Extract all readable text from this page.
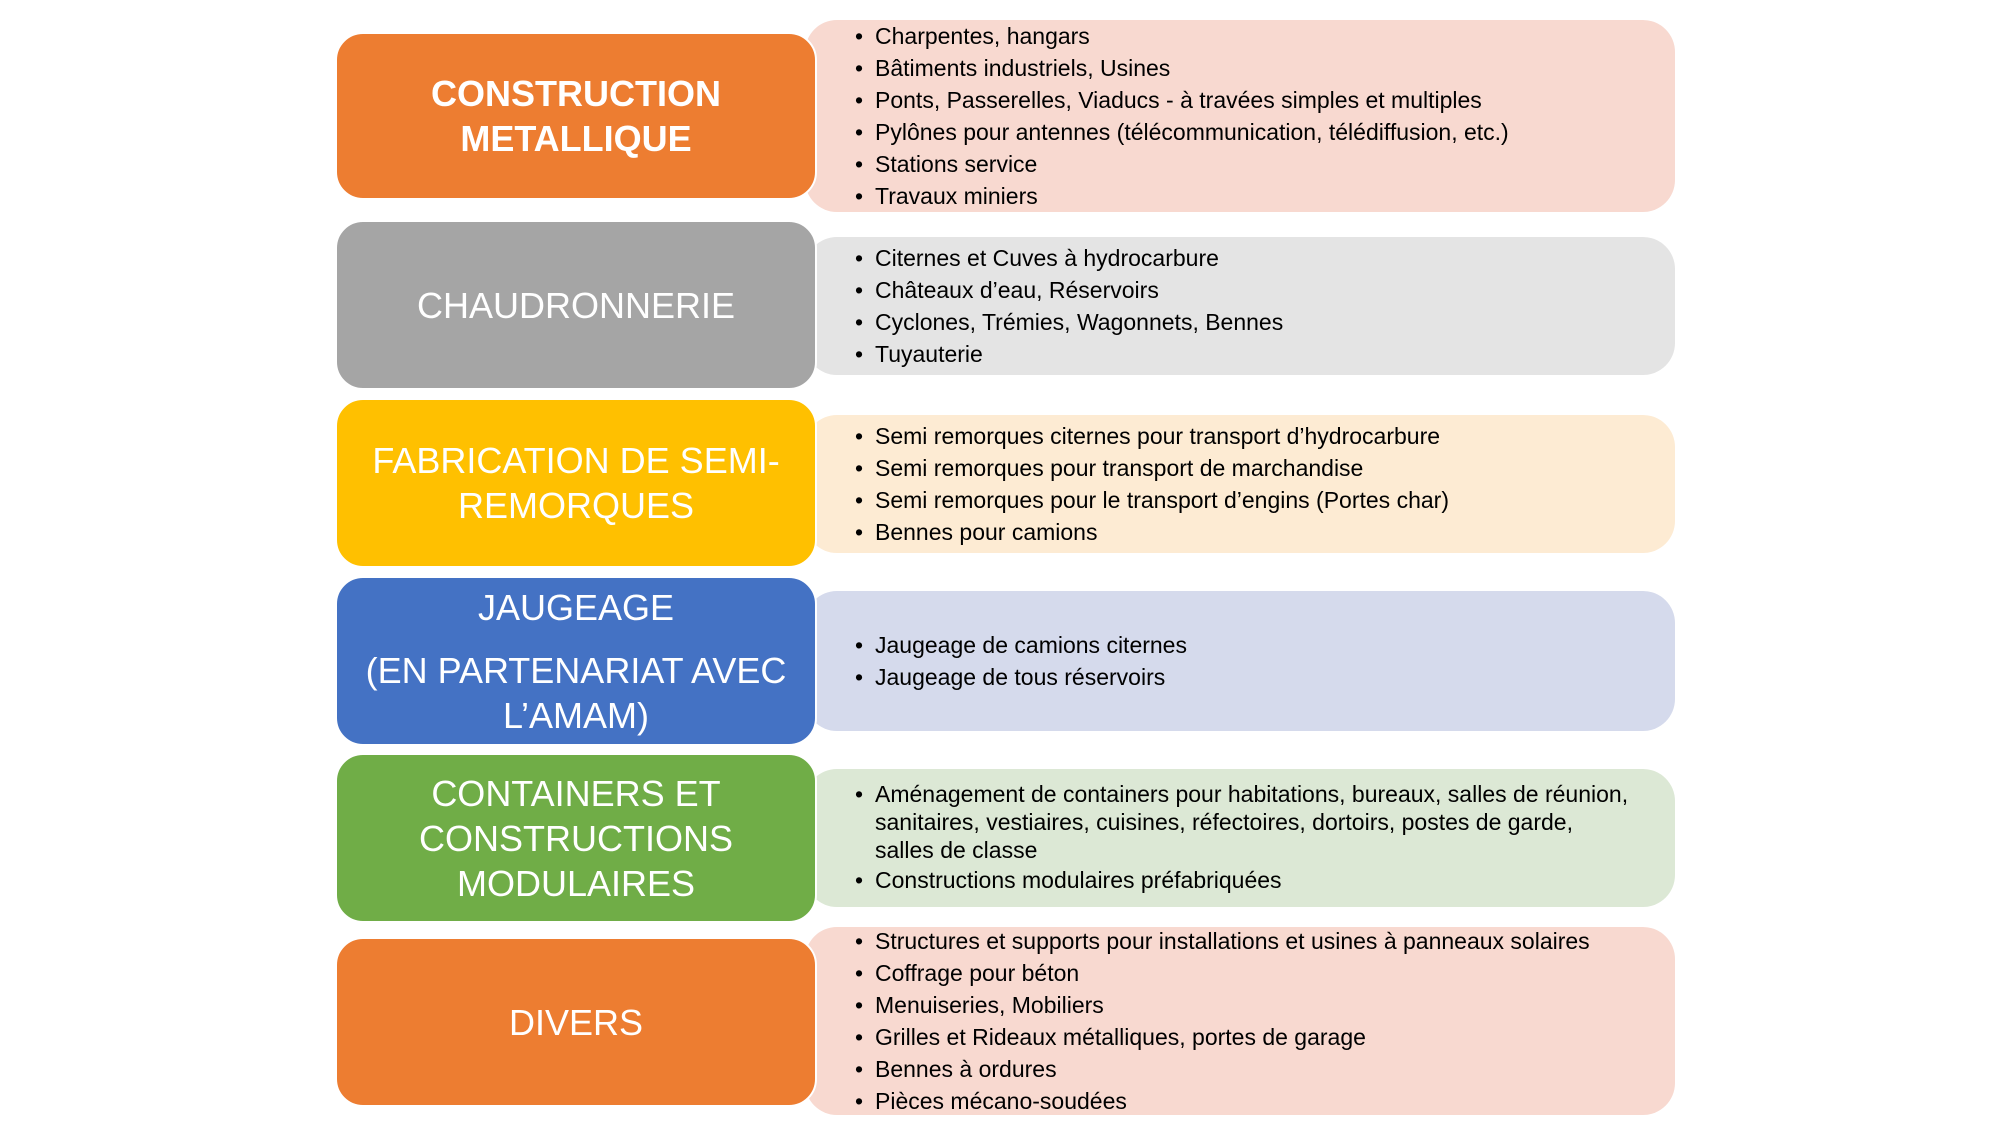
• Charpentes, hangars
• Bâtiments industriels, Usines
• Ponts, Passerelles, Viaducs - à travées simples et multiples
• Pylônes pour antennes (télécommunication, télédiffusion, etc.)
• Stations service
• Travaux miniers
CONSTRUCTION METALLIQUE
• Citernes et Cuves à hydrocarbure
• Châteaux d’eau, Réservoirs
• Cyclones, Trémies, Wagonnets, Bennes
• Tuyauterie
CHAUDRONNERIE
• Semi remorques citernes pour transport d’hydrocarbure
• Semi remorques pour transport de marchandise
• Semi remorques pour le transport d’engins (Portes char)
• Bennes pour camions
FABRICATION DE SEMI-REMORQUES
• Jaugeage de camions citernes
• Jaugeage de tous réservoirs
JAUGEAGE
(EN PARTENARIAT AVEC L’AMAM)
• Aménagement de containers pour habitations, bureaux, salles de réunion, sanitaires, vestiaires, cuisines, réfectoires, dortoirs, postes de garde, salles de classe
• Constructions modulaires préfabriquées
CONTAINERS ET CONSTRUCTIONS MODULAIRES
• Structures et supports pour installations et usines à panneaux solaires
• Coffrage pour béton
• Menuiseries, Mobiliers
• Grilles et Rideaux métalliques, portes de garage
• Bennes à ordures
• Pièces mécano-soudées
DIVERS
